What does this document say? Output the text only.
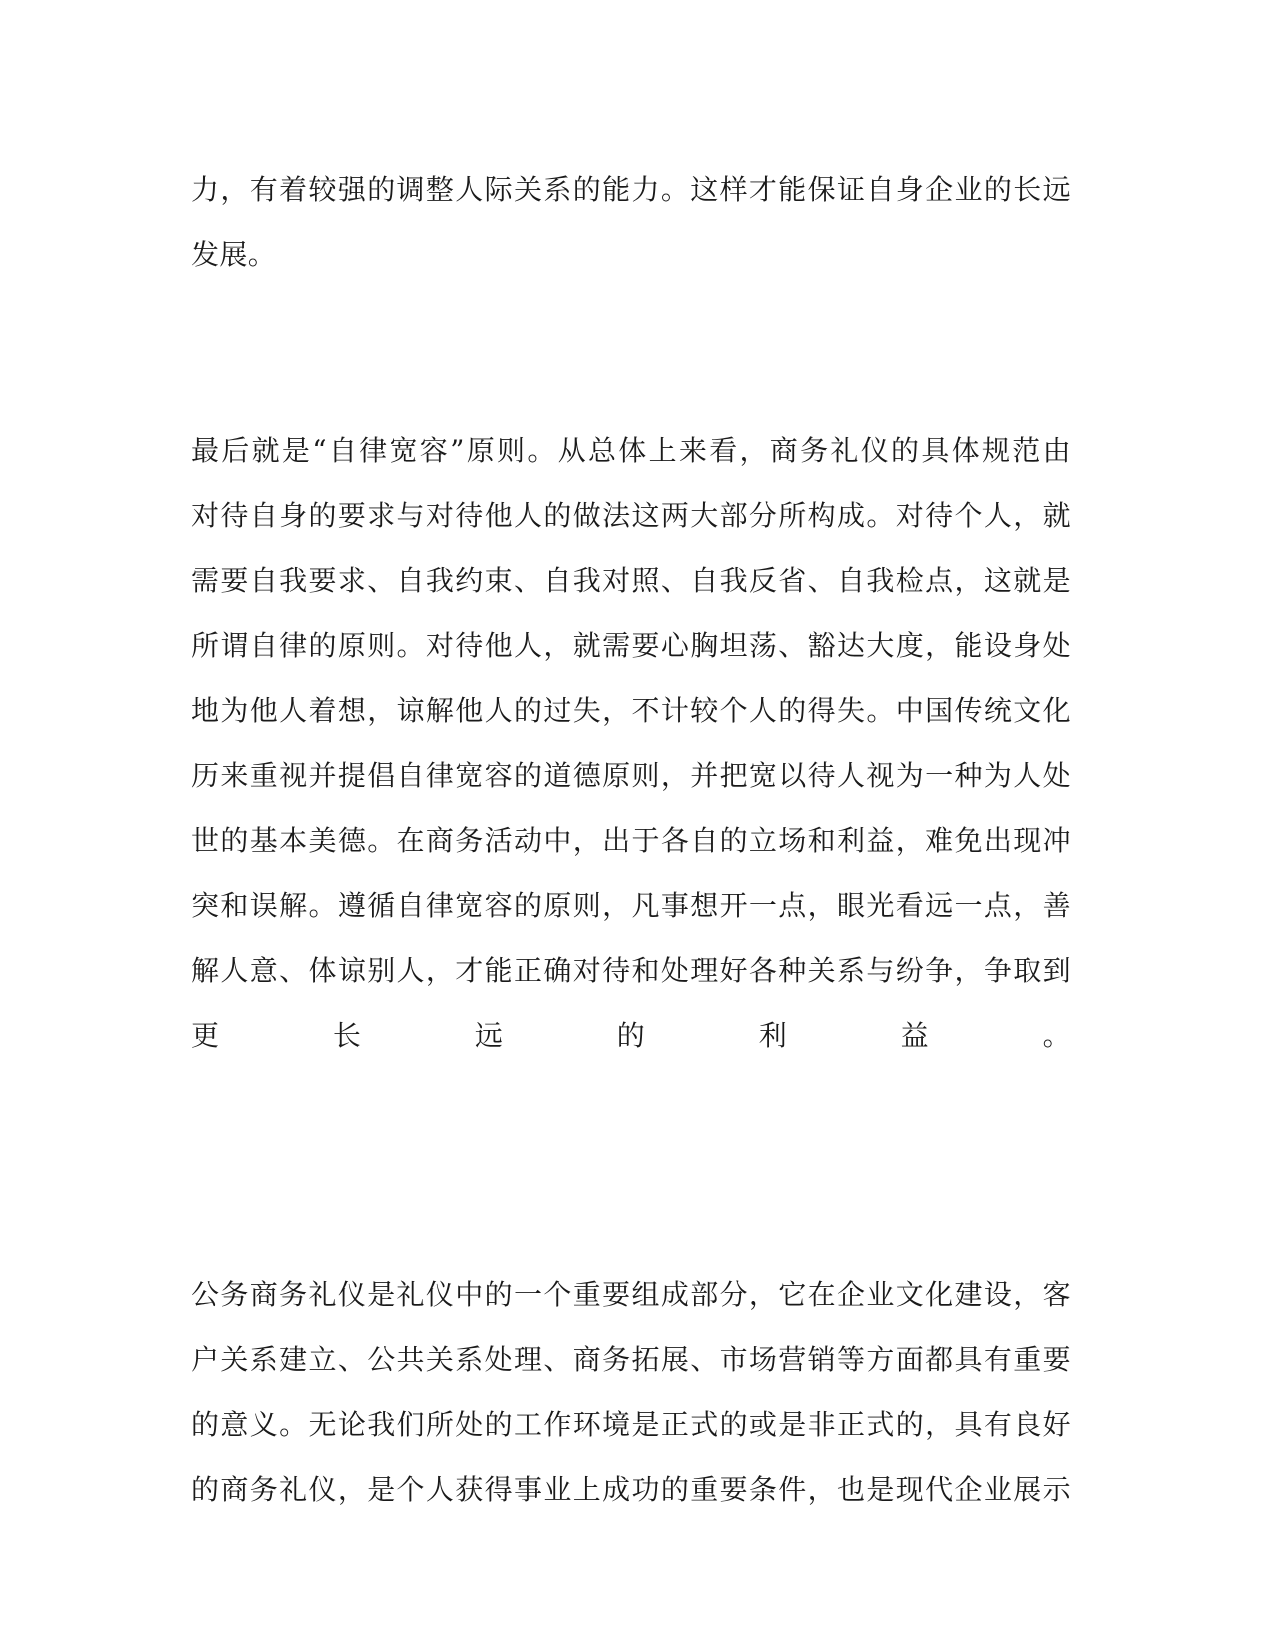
力，有着较强的调整人际关系的能力。这样才能保证自身企业的长远
发展。
最后就是“自律宽容”原则。从总体上来看，商务礼仪的具体规范由
对待自身的要求与对待他人的做法这两大部分所构成。对待个人，就
需要自我要求、自我约束、自我对照、自我反省、自我检点，这就是
所谓自律的原则。对待他人，就需要心胸坦荡、豁达大度，能设身处
地为他人着想，谅解他人的过失，不计较个人的得失。中国传统文化
历来重视并提倡自律宽容的道德原则，并把宽以待人视为一种为人处
世的基本美德。在商务活动中，出于各自的立场和利益，难免出现冲
突和误解。遵循自律宽容的原则，凡事想开一点，眼光看远一点，善
解人意、体谅别人，才能正确对待和处理好各种关系与纷争，争取到
更长远的利益。
公务商务礼仪是礼仪中的一个重要组成部分，它在企业文化建设，客
户关系建立、公共关系处理、商务拓展、市场营销等方面都具有重要
的意义。无论我们所处的工作环境是正式的或是非正式的，具有良好
的商务礼仪，是个人获得事业上成功的重要条件，也是现代企业展示
